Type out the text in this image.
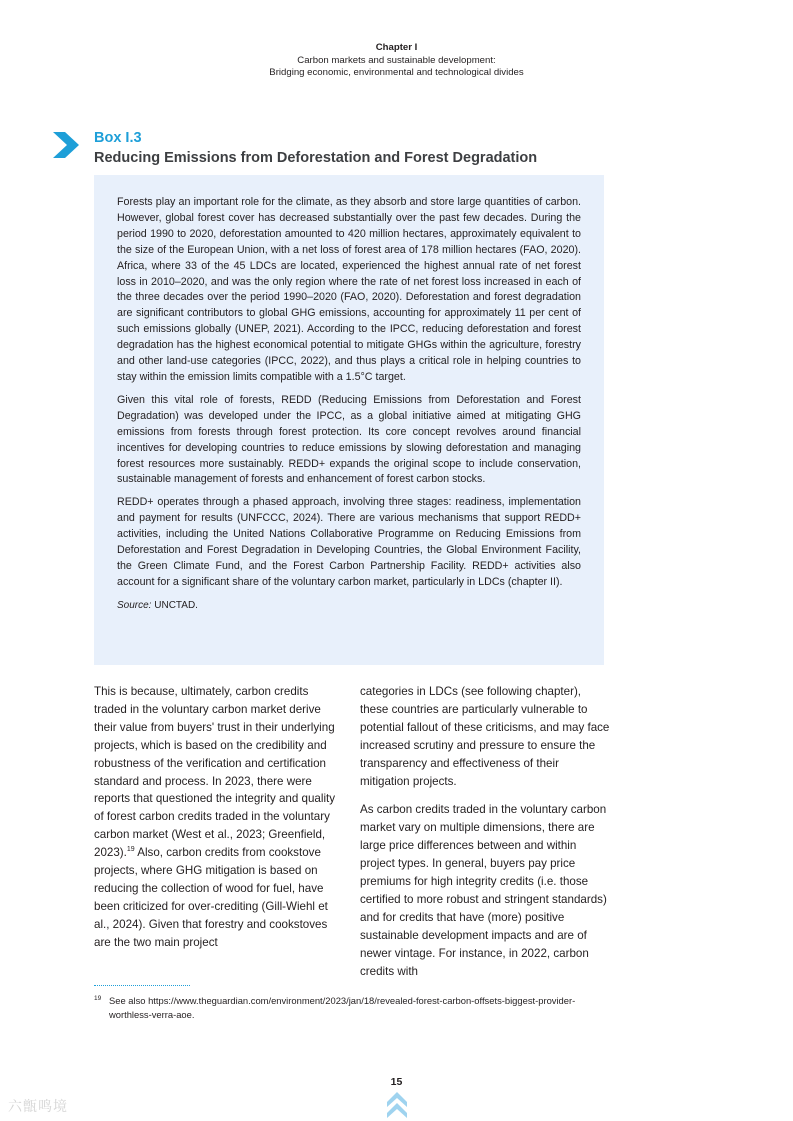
Chapter I
Carbon markets and sustainable development:
Bridging economic, environmental and technological divides
Box I.3
Reducing Emissions from Deforestation and Forest Degradation

Forests play an important role for the climate, as they absorb and store large quantities of carbon. However, global forest cover has decreased substantially over the past few decades. During the period 1990 to 2020, deforestation amounted to 420 million hectares, approximately equivalent to the size of the European Union, with a net loss of forest area of 178 million hectares (FAO, 2020). Africa, where 33 of the 45 LDCs are located, experienced the highest annual rate of net forest loss in 2010–2020, and was the only region where the rate of net forest loss increased in each of the three decades over the period 1990–2020 (FAO, 2020). Deforestation and forest degradation are significant contributors to global GHG emissions, accounting for approximately 11 per cent of such emissions globally (UNEP, 2021). According to the IPCC, reducing deforestation and forest degradation has the highest economical potential to mitigate GHGs within the agriculture, forestry and other land-use categories (IPCC, 2022), and thus plays a critical role in helping countries to stay within the emission limits compatible with a 1.5°C target.

Given this vital role of forests, REDD (Reducing Emissions from Deforestation and Forest Degradation) was developed under the IPCC, as a global initiative aimed at mitigating GHG emissions from forests through forest protection. Its core concept revolves around financial incentives for developing countries to reduce emissions by slowing deforestation and managing forest resources more sustainably. REDD+ expands the original scope to include conservation, sustainable management of forests and enhancement of forest carbon stocks.

REDD+ operates through a phased approach, involving three stages: readiness, implementation and payment for results (UNFCCC, 2024). There are various mechanisms that support REDD+ activities, including the United Nations Collaborative Programme on Reducing Emissions from Deforestation and Forest Degradation in Developing Countries, the Global Environment Facility, the Green Climate Fund, and the Forest Carbon Partnership Facility. REDD+ activities also account for a significant share of the voluntary carbon market, particularly in LDCs (chapter II).

Source: UNCTAD.

This is because, ultimately, carbon credits traded in the voluntary carbon market derive their value from buyers' trust in their underlying projects, which is based on the credibility and robustness of the verification and certification standard and process. In 2023, there were reports that questioned the integrity and quality of forest carbon credits traded in the voluntary carbon market (West et al., 2023; Greenfield, 2023).$^{19}$ Also, carbon credits from cookstove projects, where GHG mitigation is based on reducing the collection of wood for fuel, have been criticized for over-crediting (Gill-Wiehl et al., 2024). Given that forestry and cookstoves are the two main project

categories in LDCs (see following chapter), these countries are particularly vulnerable to potential fallout of these criticisms, and may face increased scrutiny and pressure to ensure the transparency and effectiveness of their mitigation projects.

As carbon credits traded in the voluntary carbon market vary on multiple dimensions, there are large price differences between and within project types. In general, buyers pay price premiums for high integrity credits (i.e. those certified to more robust and stringent standards) and for credits that have (more) positive sustainable development impacts and are of newer vintage. For instance, in 2022, carbon credits with

19 See also https://www.theguardian.com/environment/2023/jan/18/revealed-forest-carbon-offsets-biggest-provider-worthless-verra-aoe.
15
六甑鸣境
